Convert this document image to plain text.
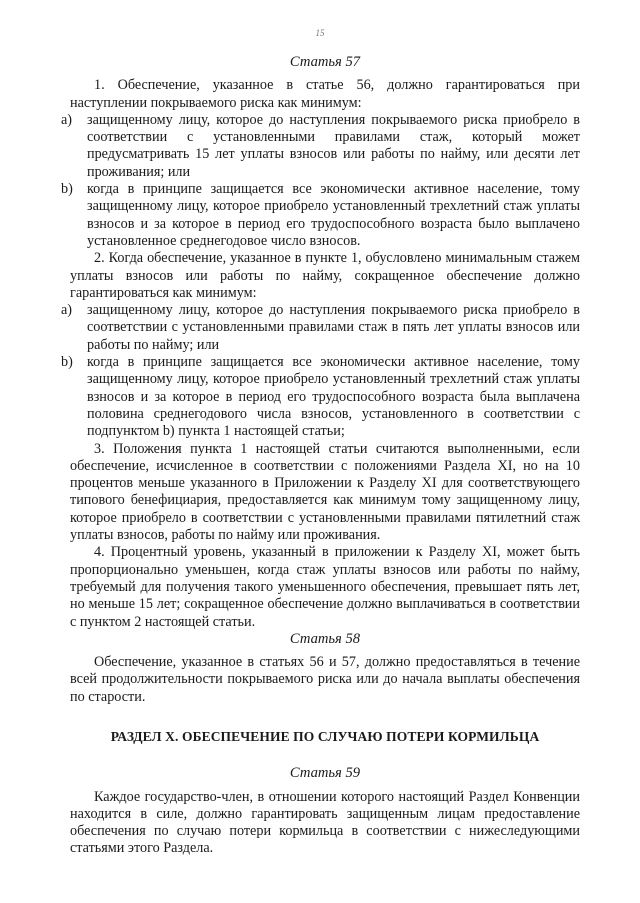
15
Статья 57

1. Обеспечение, указанное в статье 56, должно гарантироваться при наступлении покрываемого риска как минимум:

a) защищенному лицу, которое до наступления покрываемого риска приобрело в соответствии с установленными правилами стаж, который может предусматривать 15 лет уплаты взносов или работы по найму, или десяти лет проживания; или
b) когда в принципе защищается все экономически активное население, тому защищенному лицу, которое приобрело установленный трехлетний стаж уплаты взносов и за которое в период его трудоспособного возраста было выплачено установленное среднегодовое число взносов.

2. Когда обеспечение, указанное в пункте 1, обусловлено минимальным стажем уплаты взносов или работы по найму, сокращенное обеспечение должно гарантироваться как минимум:

a) защищенному лицу, которое до наступления покрываемого риска приобрело в соответствии с установленными правилами стаж в пять лет уплаты взносов или работы по найму; или
b) когда в принципе защищается все экономически активное население, тому защищенному лицу, которое приобрело установленный трехлетний стаж уплаты взносов и за которое в период его трудоспособного возраста была выплачена половина среднегодового числа взносов, установленного в соответствии с подпунктом b) пункта 1 настоящей статьи;

3. Положения пункта 1 настоящей статьи считаются выполненными, если обеспечение, исчисленное в соответствии с положениями Раздела XI, но на 10 процентов меньше указанного в Приложении к Разделу XI для соответствующего типового бенефициария, предоставляется как минимум тому защищенному лицу, которое приобрело в соответствии с установленными правилами пятилетний стаж уплаты взносов, работы по найму или проживания.

4. Процентный уровень, указанный в приложении к Разделу XI, может быть пропорционально уменьшен, когда стаж уплаты взносов или работы по найму, требуемый для получения такого уменьшенного обеспечения, превышает пять лет, но меньше 15 лет; сокращенное обеспечение должно выплачиваться в соответствии с пунктом 2 настоящей статьи.

Статья 58

Обеспечение, указанное в статьях 56 и 57, должно предоставляться в течение всей продолжительности покрываемого риска или до начала выплаты обеспечения по старости.

РАЗДЕЛ X. ОБЕСПЕЧЕНИЕ ПО СЛУЧАЮ ПОТЕРИ КОРМИЛЬЦА
Статья 59

Каждое государство-член, в отношении которого настоящий Раздел Конвенции находится в силе, должно гарантировать защищенным лицам предоставление обеспечения по случаю потери кормильца в соответствии с нижеследующими статьями этого Раздела.
